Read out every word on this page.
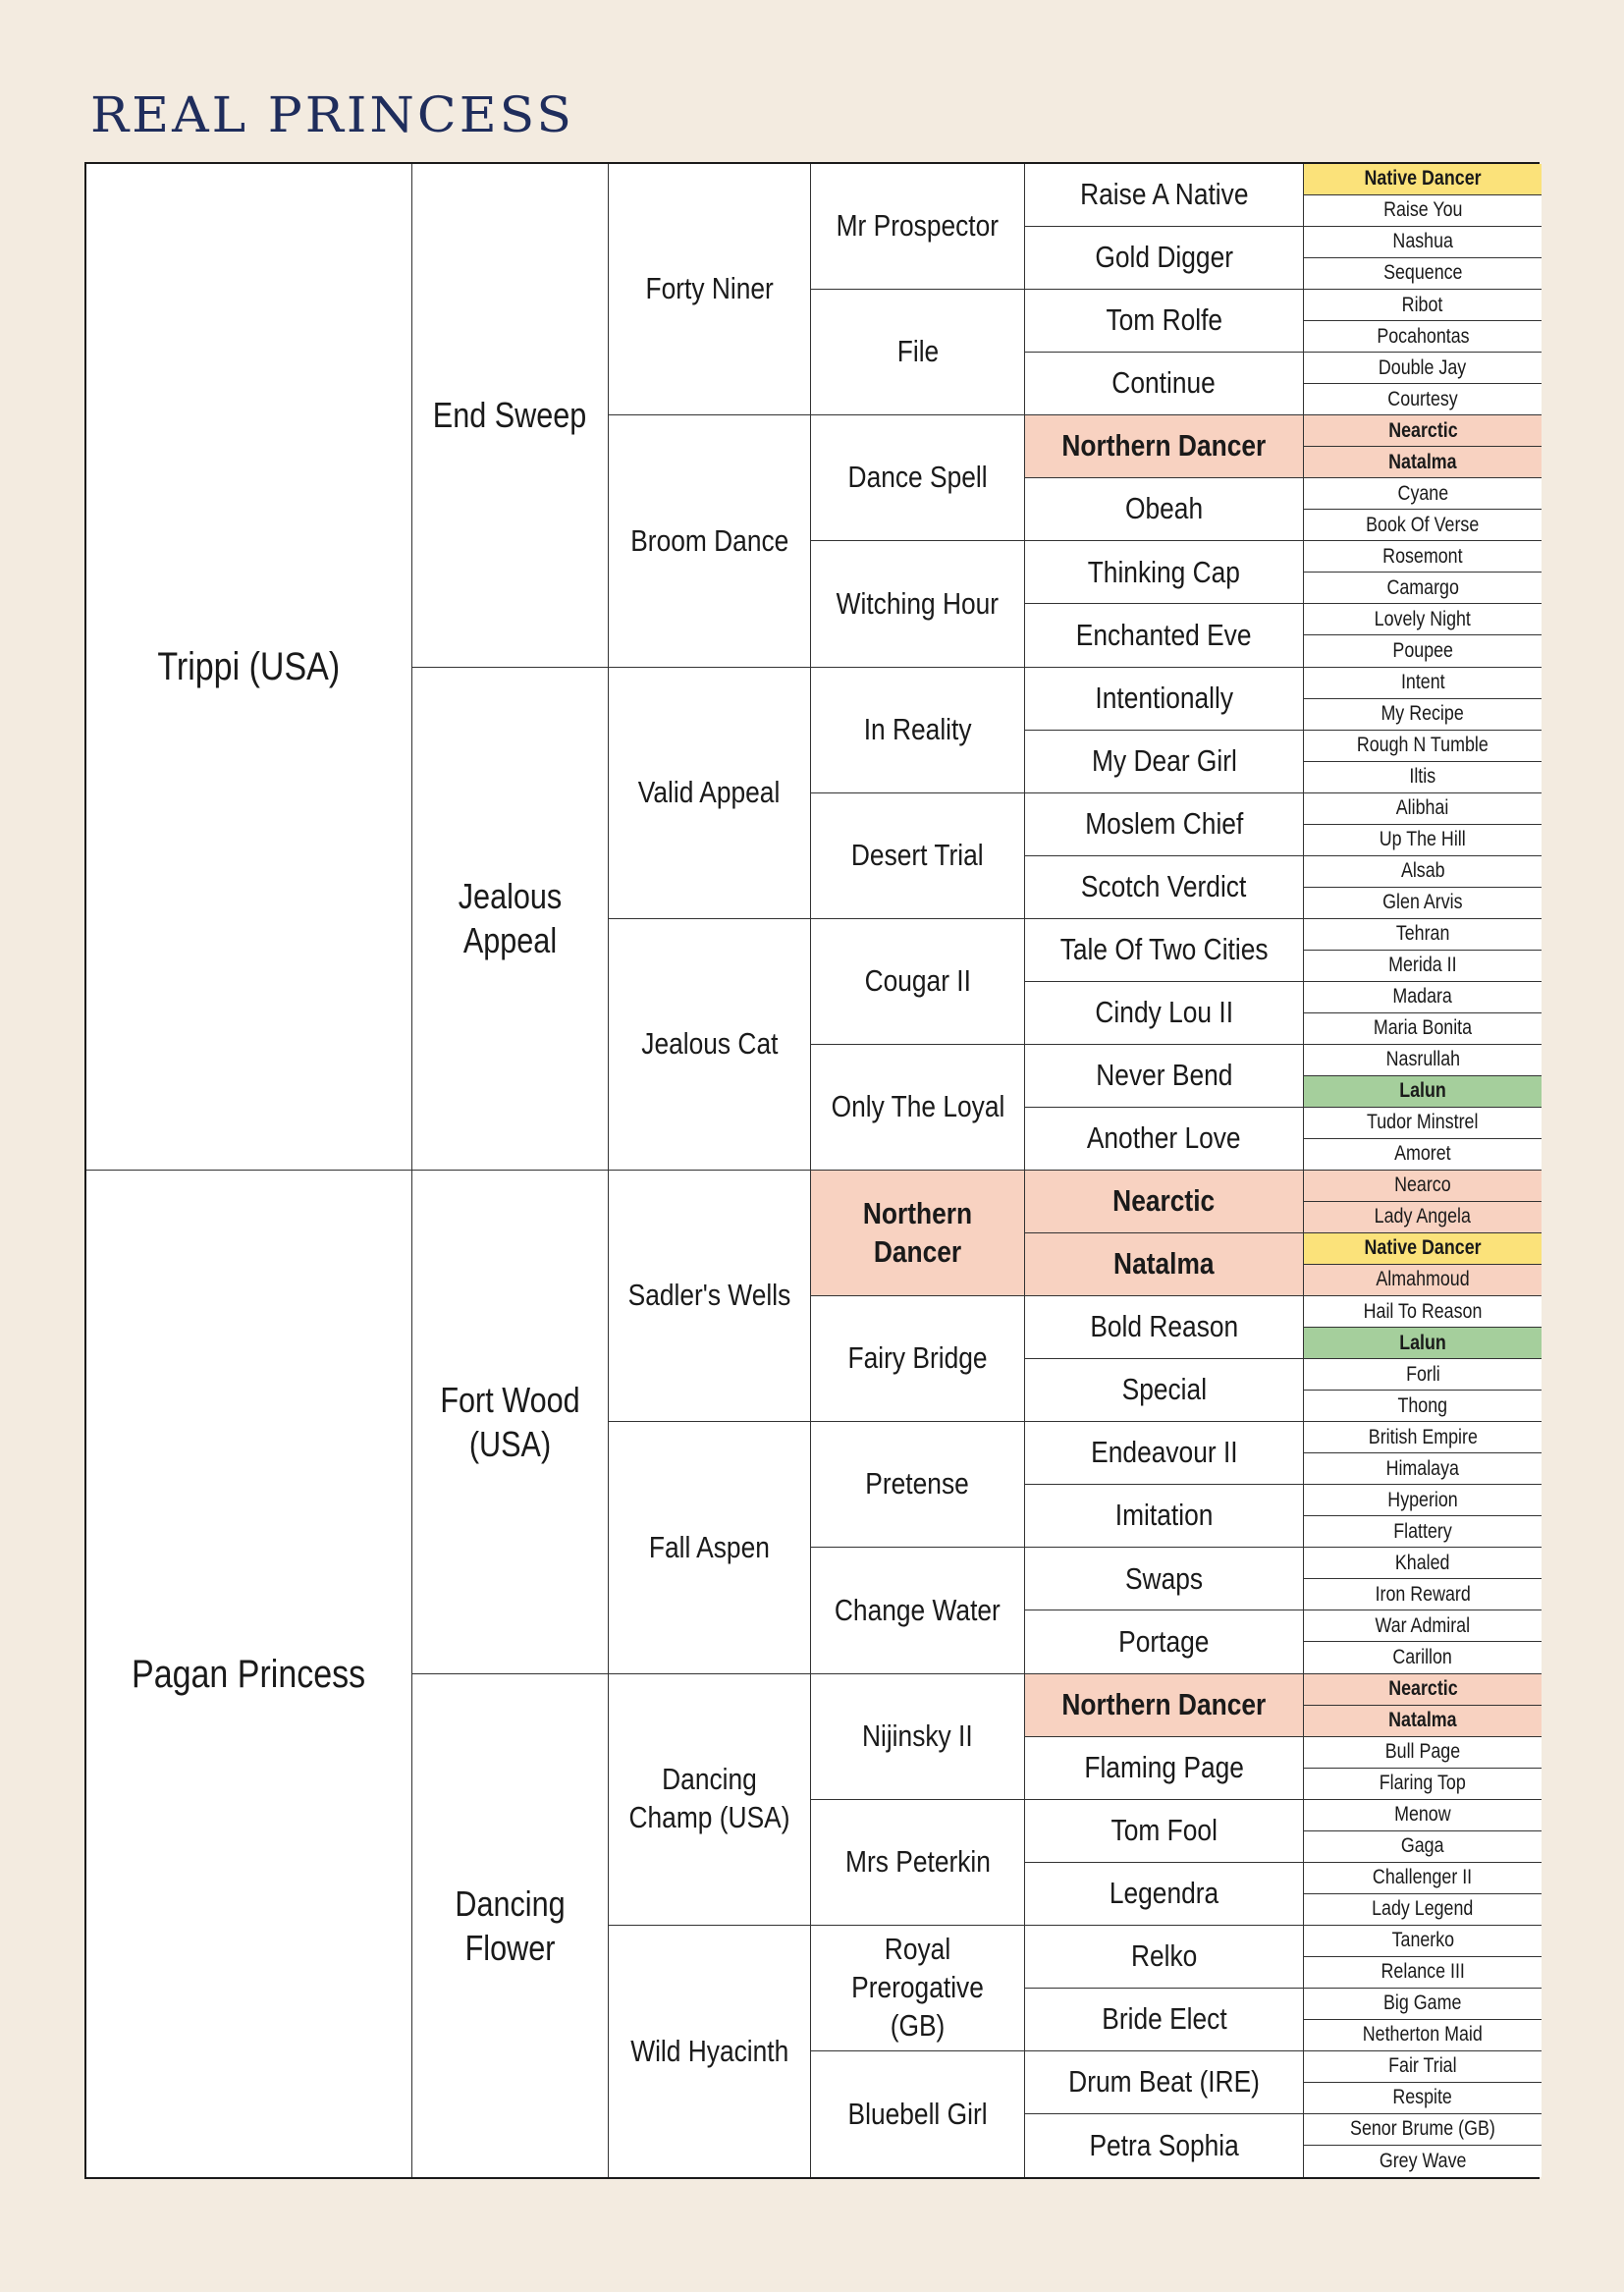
REAL PRINCESS
Trippi (USA)
Pagan Princess
End Sweep
Jealous Appeal
Fort Wood (USA)
Dancing Flower
Forty Niner
Broom Dance
Valid Appeal
Jealous Cat
Sadler's Wells
Fall Aspen
Dancing Champ (USA)
Wild Hyacinth
Mr Prospector
File
Dance Spell
Witching Hour
In Reality
Desert Trial
Cougar II
Only The Loyal
Northern Dancer
Fairy Bridge
Pretense
Change Water
Nijinsky II
Mrs Peterkin
Royal Prerogative (GB)
Bluebell Girl
Raise A Native
Gold Digger
Tom Rolfe
Continue
Northern Dancer
Obeah
Thinking Cap
Enchanted Eve
Intentionally
My Dear Girl
Moslem Chief
Scotch Verdict
Tale Of Two Cities
Cindy Lou II
Never Bend
Another Love
Nearctic
Natalma
Bold Reason
Special
Endeavour II
Imitation
Swaps
Portage
Northern Dancer
Flaming Page
Tom Fool
Legendra
Relko
Bride Elect
Drum Beat (IRE)
Petra Sophia
Native Dancer
Raise You
Nashua
Sequence
Ribot
Pocahontas
Double Jay
Courtesy
Nearctic
Natalma
Cyane
Book Of Verse
Rosemont
Camargo
Lovely Night
Poupee
Intent
My Recipe
Rough N Tumble
Iltis
Alibhai
Up The Hill
Alsab
Glen Arvis
Tehran
Merida II
Madara
Maria Bonita
Nasrullah
Lalun
Tudor Minstrel
Amoret
Nearco
Lady Angela
Native Dancer
Almahmoud
Hail To Reason
Lalun
Forli
Thong
British Empire
Himalaya
Hyperion
Flattery
Khaled
Iron Reward
War Admiral
Carillon
Nearctic
Natalma
Bull Page
Flaring Top
Menow
Gaga
Challenger II
Lady Legend
Tanerko
Relance III
Big Game
Netherton Maid
Fair Trial
Respite
Senor Brume (GB)
Grey Wave
